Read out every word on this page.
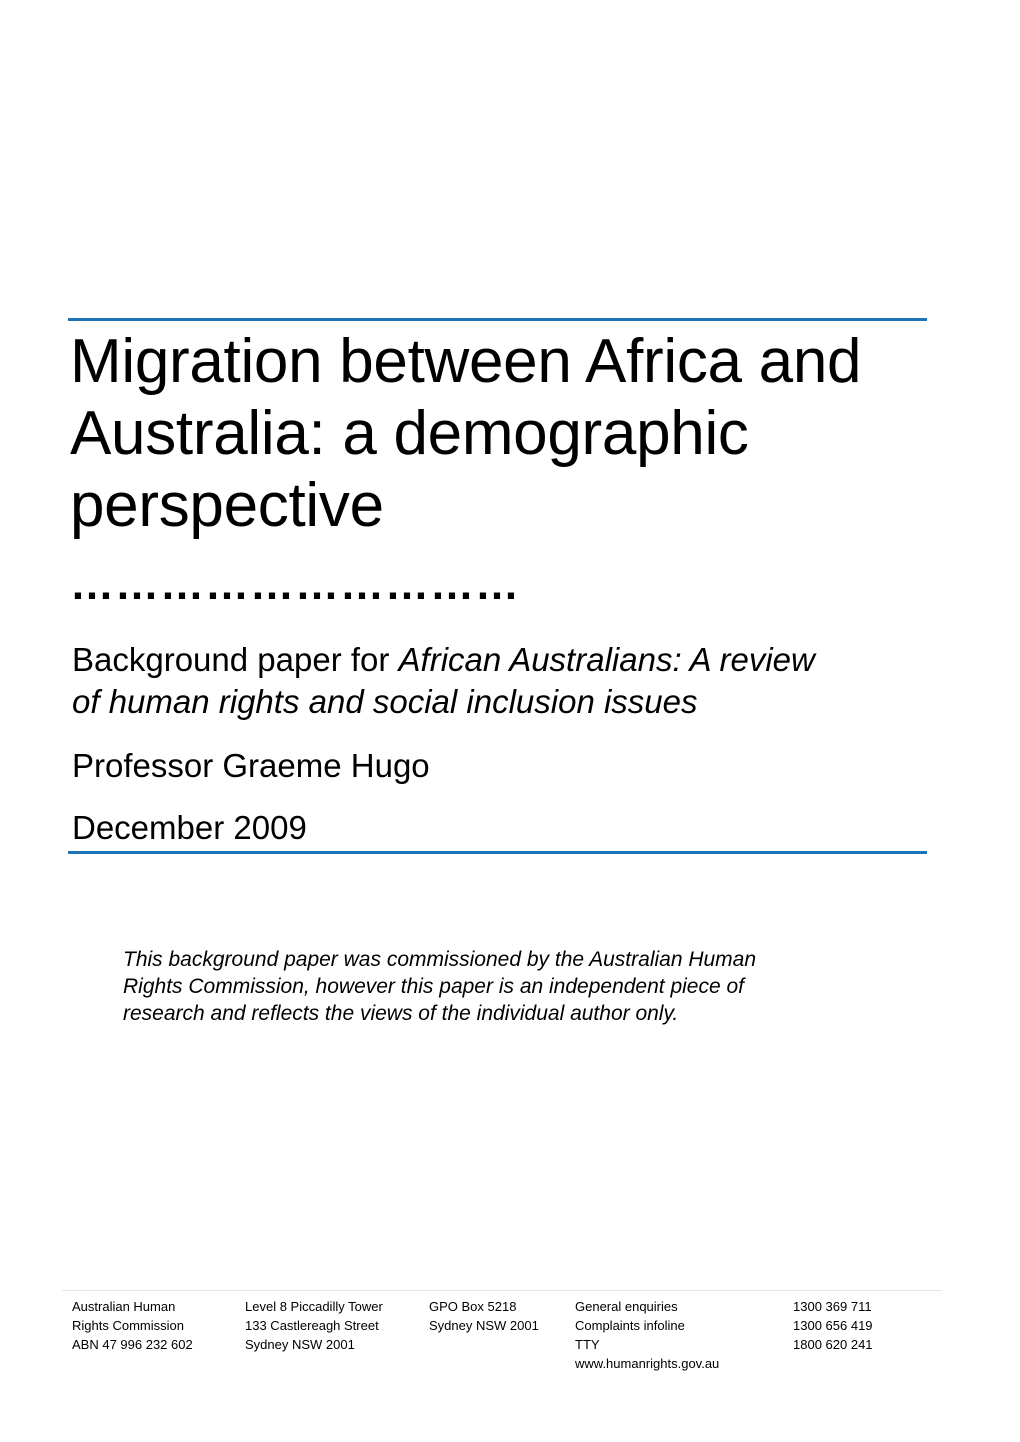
Migration between Africa and
Australia: a demographic
perspective
…………………………
Background paper for African Australians: A review
of human rights and social inclusion issues
Professor Graeme Hugo
December 2009
This background paper was commissioned by the Australian Human
Rights Commission, however this paper is an independent piece of
research and reflects the views of the individual author only.
Australian Human
Rights Commission
ABN 47 996 232 602
Level 8 Piccadilly Tower
133 Castlereagh Street
Sydney NSW 2001
GPO Box 5218
Sydney NSW 2001
General enquiries
Complaints infoline
TTY
www.humanrights.gov.au
1300 369 711
1300 656 419
1800 620 241
